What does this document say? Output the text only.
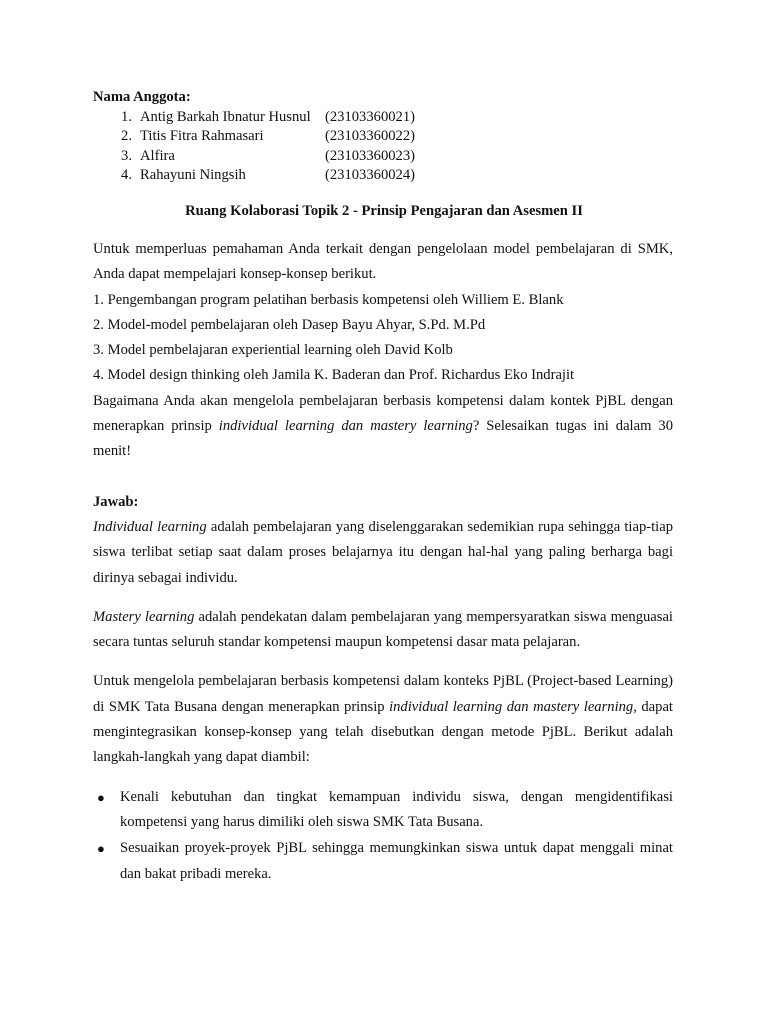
Nama Anggota:
1. Antig Barkah Ibnatur Husnul (23103360021)
2. Titis Fitra Rahmasari	(23103360022)
3. Alfira	(23103360023)
4. Rahayuni Ningsih	(23103360024)
Ruang Kolaborasi Topik 2 - Prinsip Pengajaran dan Asesmen II

Untuk memperluas pemahaman Anda terkait dengan pengelolaan model pembelajaran di SMK, Anda dapat mempelajari konsep-konsep berikut.

1. Pengembangan program pelatihan berbasis kompetensi oleh Williem E. Blank

2. Model-model pembelajaran oleh Dasep Bayu Ahyar, S.Pd. M.Pd

3. Model pembelajaran experiential learning oleh David Kolb

4. Model design thinking oleh Jamila K. Baderan dan Prof. Richardus Eko Indrajit

Bagaimana Anda akan mengelola pembelajaran berbasis kompetensi dalam kontek PjBL dengan menerapkan prinsip individual learning dan mastery learning? Selesaikan tugas ini dalam 30 menit!

Jawab:

Individual learning adalah pembelajaran yang diselenggarakan sedemikian rupa sehingga tiap-tiap siswa terlibat setiap saat dalam proses belajarnya itu dengan hal-hal yang paling berharga bagi dirinya sebagai individu.

Mastery learning adalah pendekatan dalam pembelajaran yang mempersyaratkan siswa menguasai secara tuntas seluruh standar kompetensi maupun kompetensi dasar mata pelajaran.

Untuk mengelola pembelajaran berbasis kompetensi dalam konteks PjBL (Project-based Learning) di SMK Tata Busana dengan menerapkan prinsip individual learning dan mastery learning, dapat mengintegrasikan konsep-konsep yang telah disebutkan dengan metode PjBL. Berikut adalah langkah-langkah yang dapat diambil:

● Kenali kebutuhan dan tingkat kemampuan individu siswa, dengan mengidentifikasi kompetensi yang harus dimiliki oleh siswa SMK Tata Busana.
● Sesuaikan proyek-proyek PjBL sehingga memungkinkan siswa untuk dapat menggali minat dan bakat pribadi mereka.
